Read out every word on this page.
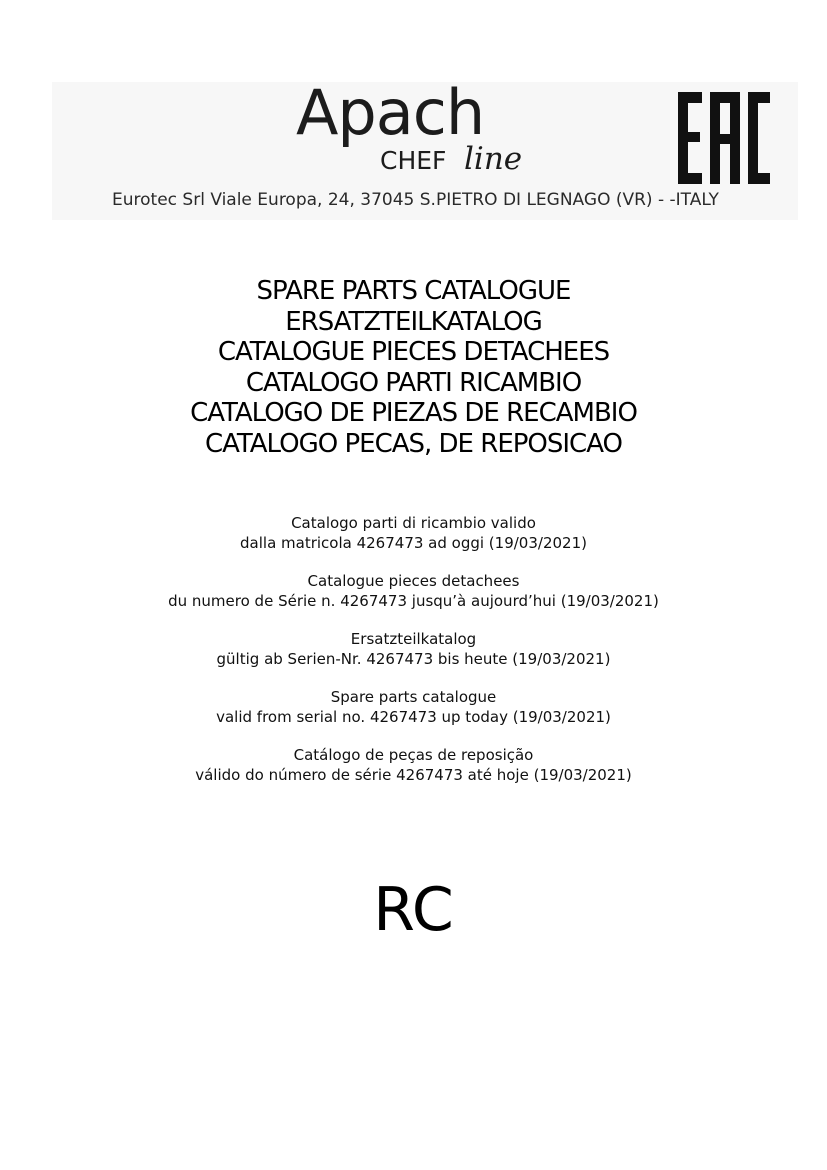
Apach
CHEF line
Eurotec Srl Viale Europa, 24, 37045 S.PIETRO DI LEGNAGO (VR) - -ITALY
SPARE PARTS CATALOGUE
ERSATZTEILKATALOG
CATALOGUE PIECES DETACHEES
CATALOGO PARTI RICAMBIO
CATALOGO DE PIEZAS DE RECAMBIO
CATALOGO PECAS, DE REPOSICAO
Catalogo parti di ricambio valido
dalla matricola 4267473 ad oggi (19/03/2021)
Catalogue pieces detachees
du numero de Série n. 4267473 jusqu’à aujourd’hui (19/03/2021)
Ersatzteilkatalog
gültig ab Serien-Nr. 4267473 bis heute (19/03/2021)
Spare parts catalogue
valid from serial no. 4267473 up today (19/03/2021)
Catálogo de peças de reposição
válido do número de série 4267473 até hoje (19/03/2021)
RC
